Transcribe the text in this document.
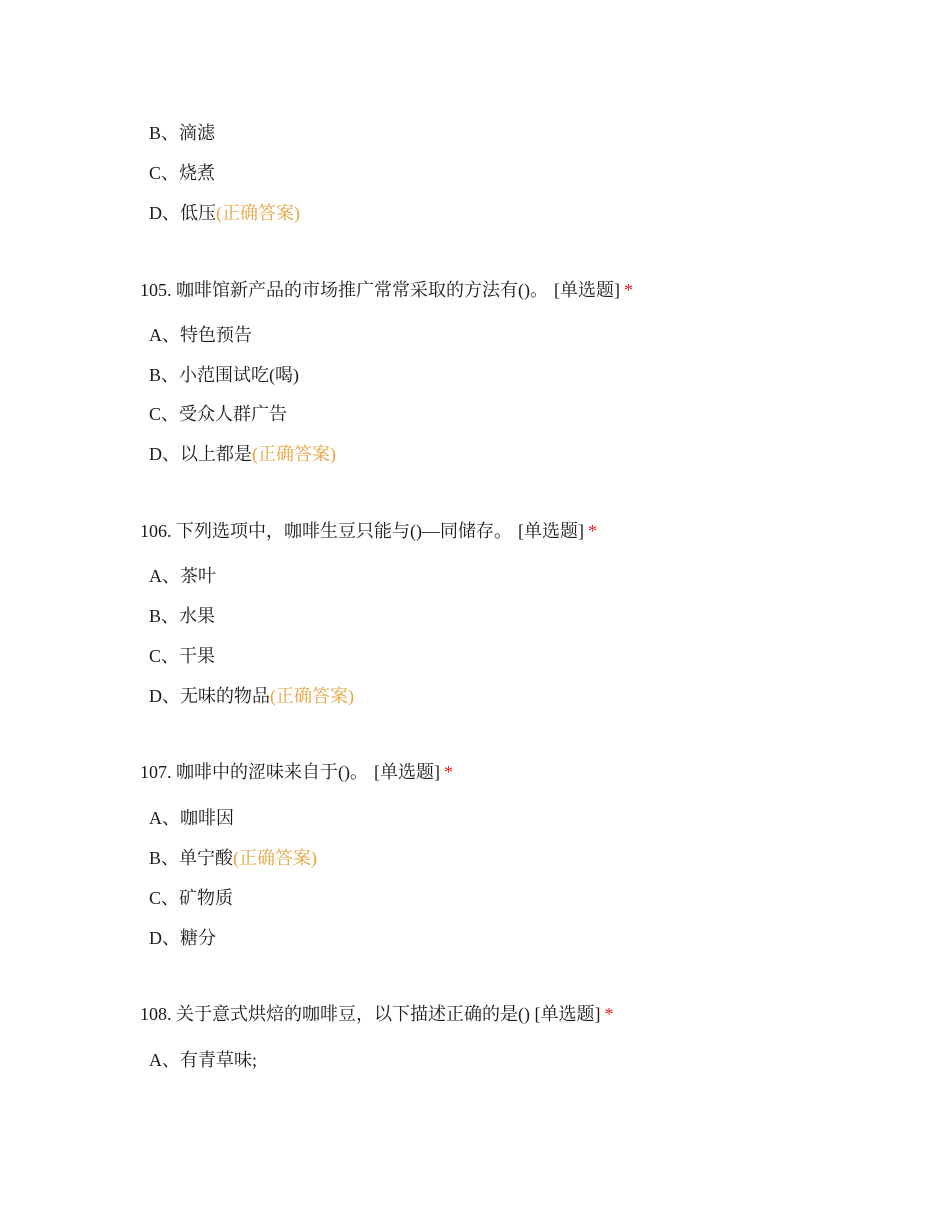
B、滴滤
C、烧煮
D、低压(正确答案)
105. 咖啡馆新产品的市场推广常常采取的方法有()。 [单选题] *
A、特色预告
B、小范围试吃(喝)
C、受众人群广告
D、以上都是(正确答案)
106. 下列选项中，咖啡生豆只能与()—同储存。 [单选题] *
A、茶叶
B、水果
C、干果
D、无味的物品(正确答案)
107. 咖啡中的涩味来自于()。 [单选题] *
A、咖啡因
B、单宁酸(正确答案)
C、矿物质
D、糖分
108. 关于意式烘焙的咖啡豆，以下描述正确的是() [单选题] *
A、有青草味;
